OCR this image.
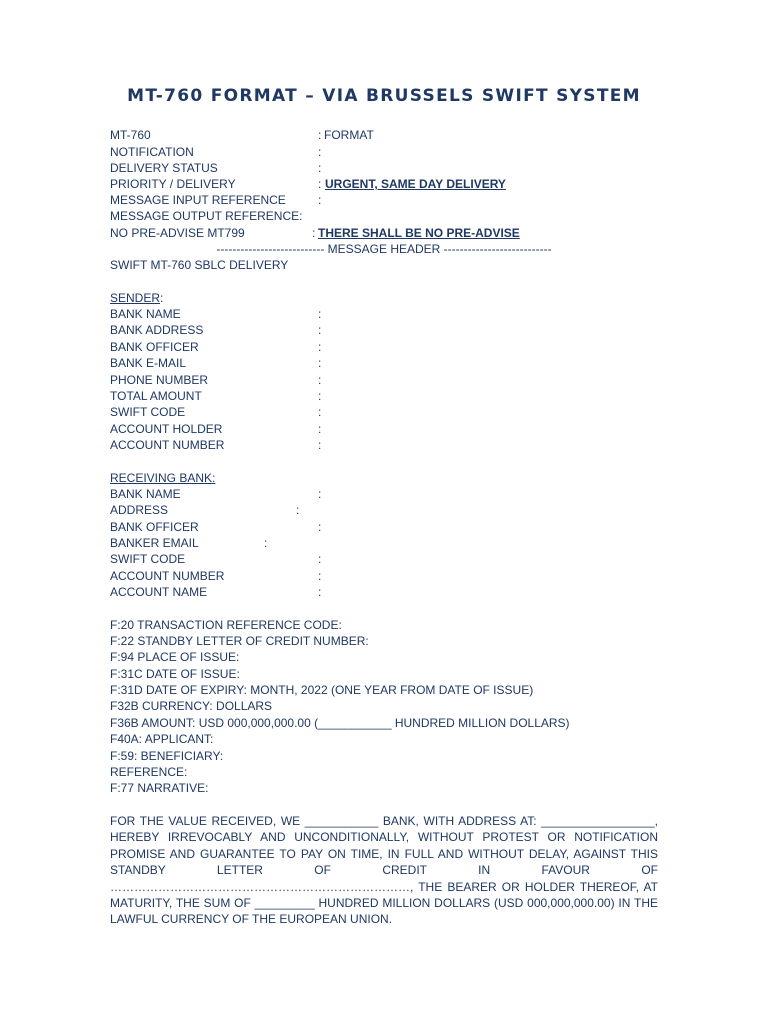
MT-760 FORMAT – VIA BRUSSELS SWIFT SYSTEM
MT-760	: FORMAT
NOTIFICATION	:
DELIVERY STATUS	:
PRIORITY / DELIVERY	: URGENT, SAME DAY DELIVERY
MESSAGE INPUT REFERENCE	:
MESSAGE OUTPUT REFERENCE:
NO PRE-ADVISE MT799	: THERE SHALL BE NO PRE-ADVISE
--------------------------- MESSAGE HEADER ---------------------------
SWIFT MT-760 SBLC DELIVERY
SENDER:
BANK NAME	:
BANK ADDRESS	:
BANK OFFICER	:
BANK E-MAIL	:
PHONE NUMBER	:
TOTAL AMOUNT	:
SWIFT CODE	:
ACCOUNT HOLDER	:
ACCOUNT NUMBER	:
RECEIVING BANK:
BANK NAME	:
ADDRESS	:
BANK OFFICER	:
BANKER EMAIL	:
SWIFT CODE	:
ACCOUNT NUMBER	:
ACCOUNT NAME	:
F:20 TRANSACTION REFERENCE CODE:
F:22 STANDBY LETTER OF CREDIT NUMBER:
F:94 PLACE OF ISSUE:
F:31C DATE OF ISSUE:
F:31D DATE OF EXPIRY: MONTH, 2022 (ONE YEAR FROM DATE OF ISSUE)
F32B CURRENCY: DOLLARS
F36B AMOUNT: USD 000,000,000.00 (___________ HUNDRED MILLION DOLLARS)
F40A: APPLICANT:
F:59: BENEFICIARY:
REFERENCE:
F:77 NARRATIVE:
FOR THE VALUE RECEIVED, WE ___________ BANK, WITH ADDRESS AT: _________________, HEREBY IRREVOCABLY AND UNCONDITIONALLY, WITHOUT PROTEST OR NOTIFICATION PROMISE AND GUARANTEE TO PAY ON TIME, IN FULL AND WITHOUT DELAY, AGAINST THIS STANDBY LETTER OF CREDIT IN FAVOUR OF …………………………………………………………………, THE BEARER OR HOLDER THEREOF, AT MATURITY, THE SUM OF _________ HUNDRED MILLION DOLLARS (USD 000,000,000.00) IN THE LAWFUL CURRENCY OF THE EUROPEAN UNION.
